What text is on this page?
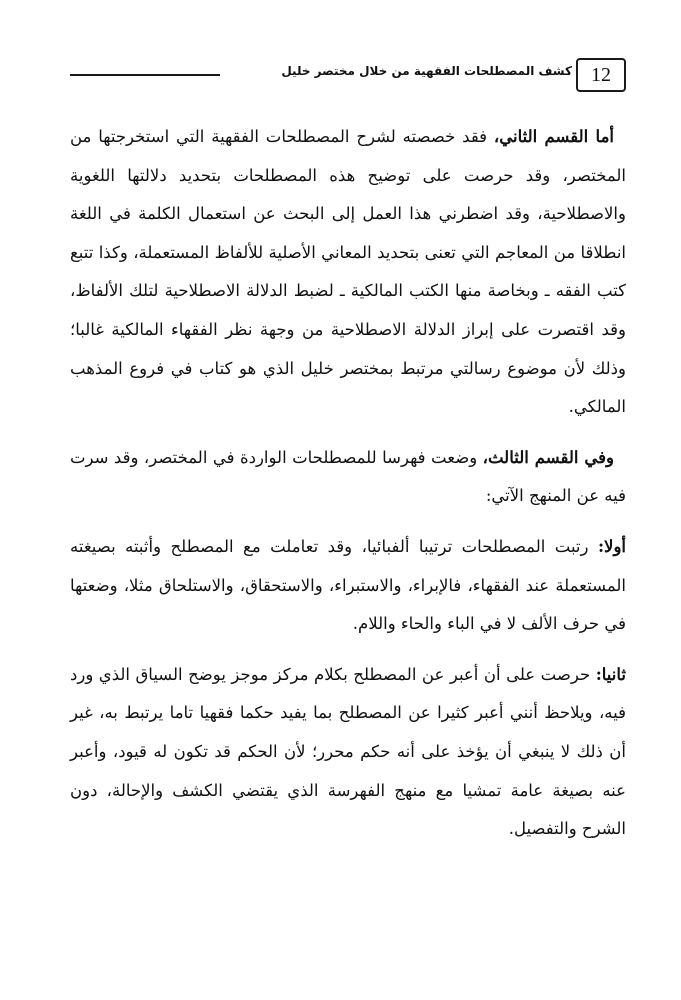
12
كشف المصطلحات الفقهية من خلال مختصر خليل

أما القسم الثاني، فقد خصصته لشرح المصطلحات الفقهية التي استخرجتها من المختصر، وقد حرصت على توضيح هذه المصطلحات بتحديد دلالتها اللغوية والاصطلاحية، وقد اضطرني هذا العمل إلى البحث عن استعمال الكلمة في اللغة انطلاقا من المعاجم التي تعنى بتحديد المعاني الأصلية للألفاظ المستعملة، وكذا تتبع كتب الفقه ـ وبخاصة منها الكتب المالكية ـ لضبط الدلالة الاصطلاحية لتلك الألفاظ، وقد اقتصرت على إبراز الدلالة الاصطلاحية من وجهة نظر الفقهاء المالكية غالبا؛ وذلك لأن موضوع رسالتي مرتبط بمختصر خليل الذي هو كتاب في فروع المذهب المالكي.

وفي القسم الثالث، وضعت فهرسا للمصطلحات الواردة في المختصر، وقد سرت فيه عن المنهج الآتي:

أولا: رتبت المصطلحات ترتيبا ألفبائيا، وقد تعاملت مع المصطلح وأثبته بصيغته المستعملة عند الفقهاء، فالإبراء، والاستبراء، والاستحقاق، والاستلحاق مثلا، وضعتها في حرف الألف لا في الباء والحاء واللام.

ثانيا: حرصت على أن أعبر عن المصطلح بكلام مركز موجز يوضح السياق الذي ورد فيه، ويلاحظ أنني أعبر كثيرا عن المصطلح بما يفيد حكما فقهيا تاما يرتبط به، غير أن ذلك لا ينبغي أن يؤخذ على أنه حكم محرر؛ لأن الحكم قد تكون له قيود، وأعبر عنه بصيغة عامة تمشيا مع منهج الفهرسة الذي يقتضي الكشف والإحالة، دون الشرح والتفصيل.
